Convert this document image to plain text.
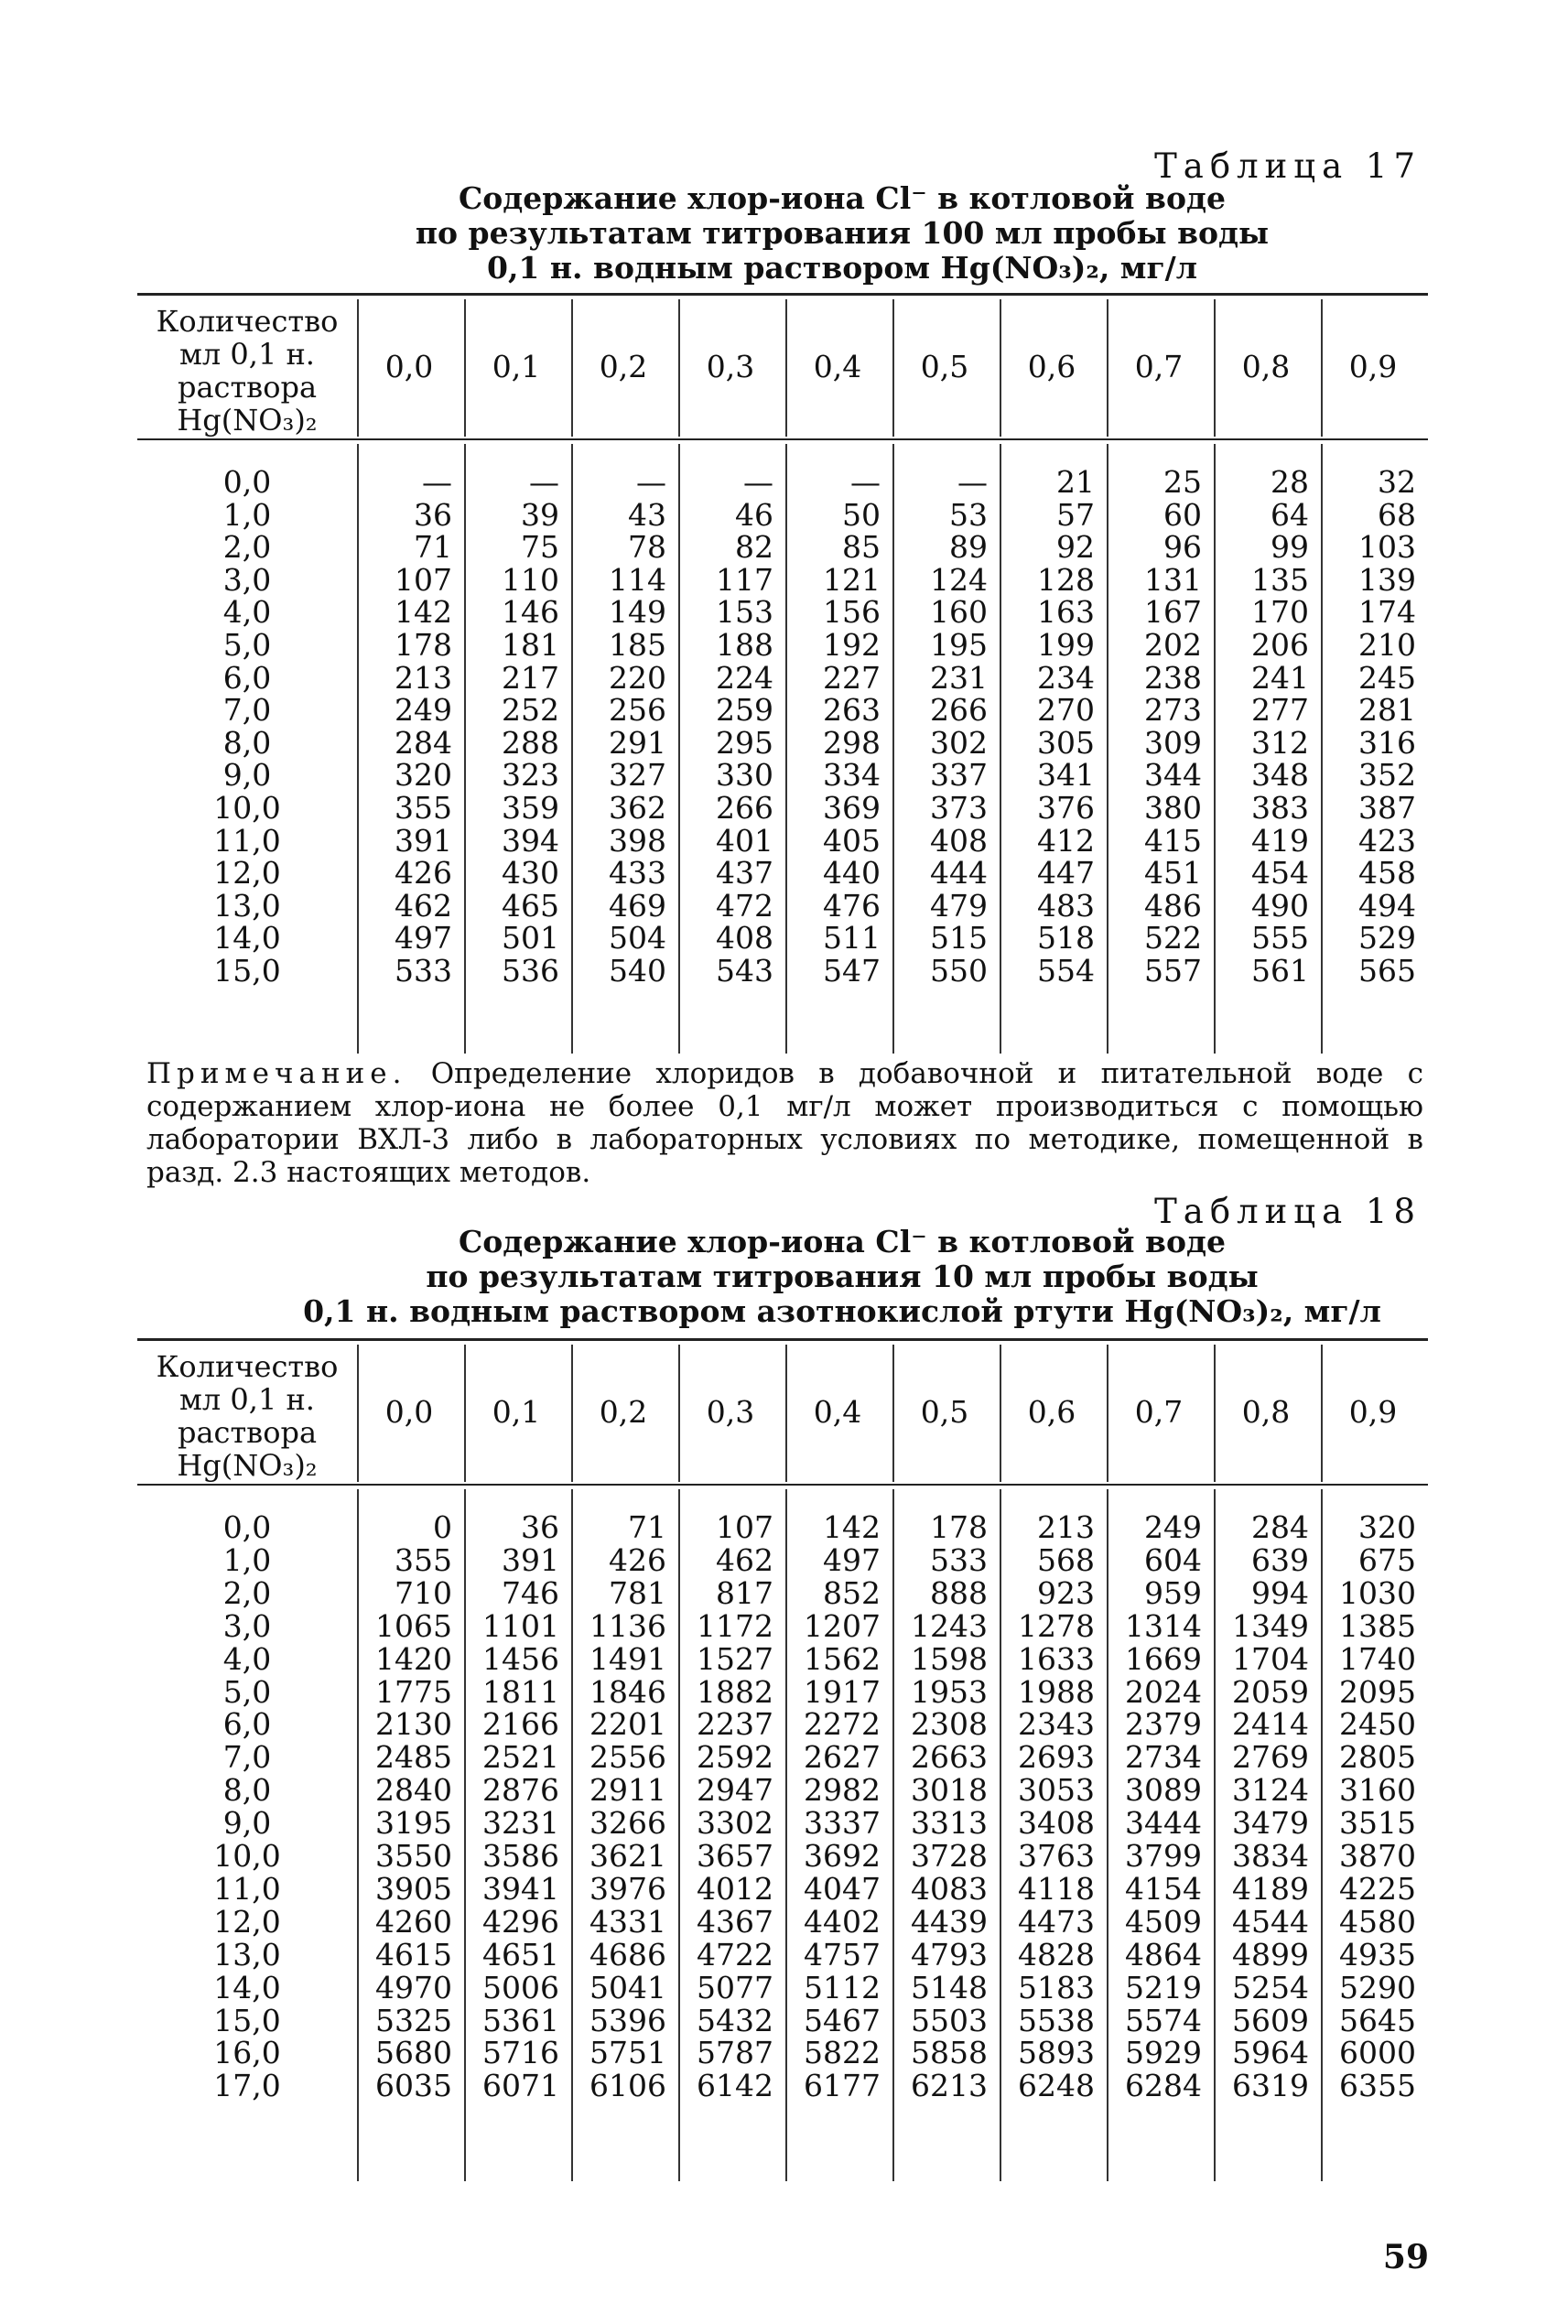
Таблица 17
Содержание хлор-иона Cl⁻ в котловой воде
по результатам титрования 100 мл пробы воды
0,1 н. водным раствором Hg(NO₃)₂, мг/л
Количество
мл 0,1 н.
раствора
Hg(NO₃)₂
0,0	0,1	0,2	0,3	0,4	0,5	0,6	0,7	0,8	0,9
0,0	—	—	—	—	—	—	21	25	28	32
1,0	36	39	43	46	50	53	57	60	64	68
2,0	71	75	78	82	85	89	92	96	99	103
3,0	107	110	114	117	121	124	128	131	135	139
4,0	142	146	149	153	156	160	163	167	170	174
5,0	178	181	185	188	192	195	199	202	206	210
6,0	213	217	220	224	227	231	234	238	241	245
7,0	249	252	256	259	263	266	270	273	277	281
8,0	284	288	291	295	298	302	305	309	312	316
9,0	320	323	327	330	334	337	341	344	348	352
10,0	355	359	362	266	369	373	376	380	383	387
11,0	391	394	398	401	405	408	412	415	419	423
12,0	426	430	433	437	440	444	447	451	454	458
13,0	462	465	469	472	476	479	483	486	490	494
14,0	497	501	504	408	511	515	518	522	555	529
15,0	533	536	540	543	547	550	554	557	561	565
Примечание. Определение хлоридов в добавочной и питательной воде с содержанием хлор-иона не более 0,1 мг/л может производиться с помощью лаборатории ВХЛ-3 либо в лабораторных условиях по методике, помещенной в разд. 2.3 настоящих методов.
Таблица 18
Содержание хлор-иона Cl⁻ в котловой воде
по результатам титрования 10 мл пробы воды
0,1 н. водным раствором азотнокислой ртути Hg(NO₃)₂, мг/л
Количество
мл 0,1 н.
раствора
Hg(NO₃)₂
0,0	0,1	0,2	0,3	0,4	0,5	0,6	0,7	0,8	0,9
0,0	0	36	71	107	142	178	213	249	284	320
1,0	355	391	426	462	497	533	568	604	639	675
2,0	710	746	781	817	852	888	923	959	994	1030
3,0	1065	1101	1136	1172	1207	1243	1278	1314	1349	1385
4,0	1420	1456	1491	1527	1562	1598	1633	1669	1704	1740
5,0	1775	1811	1846	1882	1917	1953	1988	2024	2059	2095
6,0	2130	2166	2201	2237	2272	2308	2343	2379	2414	2450
7,0	2485	2521	2556	2592	2627	2663	2693	2734	2769	2805
8,0	2840	2876	2911	2947	2982	3018	3053	3089	3124	3160
9,0	3195	3231	3266	3302	3337	3313	3408	3444	3479	3515
10,0	3550	3586	3621	3657	3692	3728	3763	3799	3834	3870
11,0	3905	3941	3976	4012	4047	4083	4118	4154	4189	4225
12,0	4260	4296	4331	4367	4402	4439	4473	4509	4544	4580
13,0	4615	4651	4686	4722	4757	4793	4828	4864	4899	4935
14,0	4970	5006	5041	5077	5112	5148	5183	5219	5254	5290
15,0	5325	5361	5396	5432	5467	5503	5538	5574	5609	5645
16,0	5680	5716	5751	5787	5822	5858	5893	5929	5964	6000
17,0	6035	6071	6106	6142	6177	6213	6248	6284	6319	6355
59
